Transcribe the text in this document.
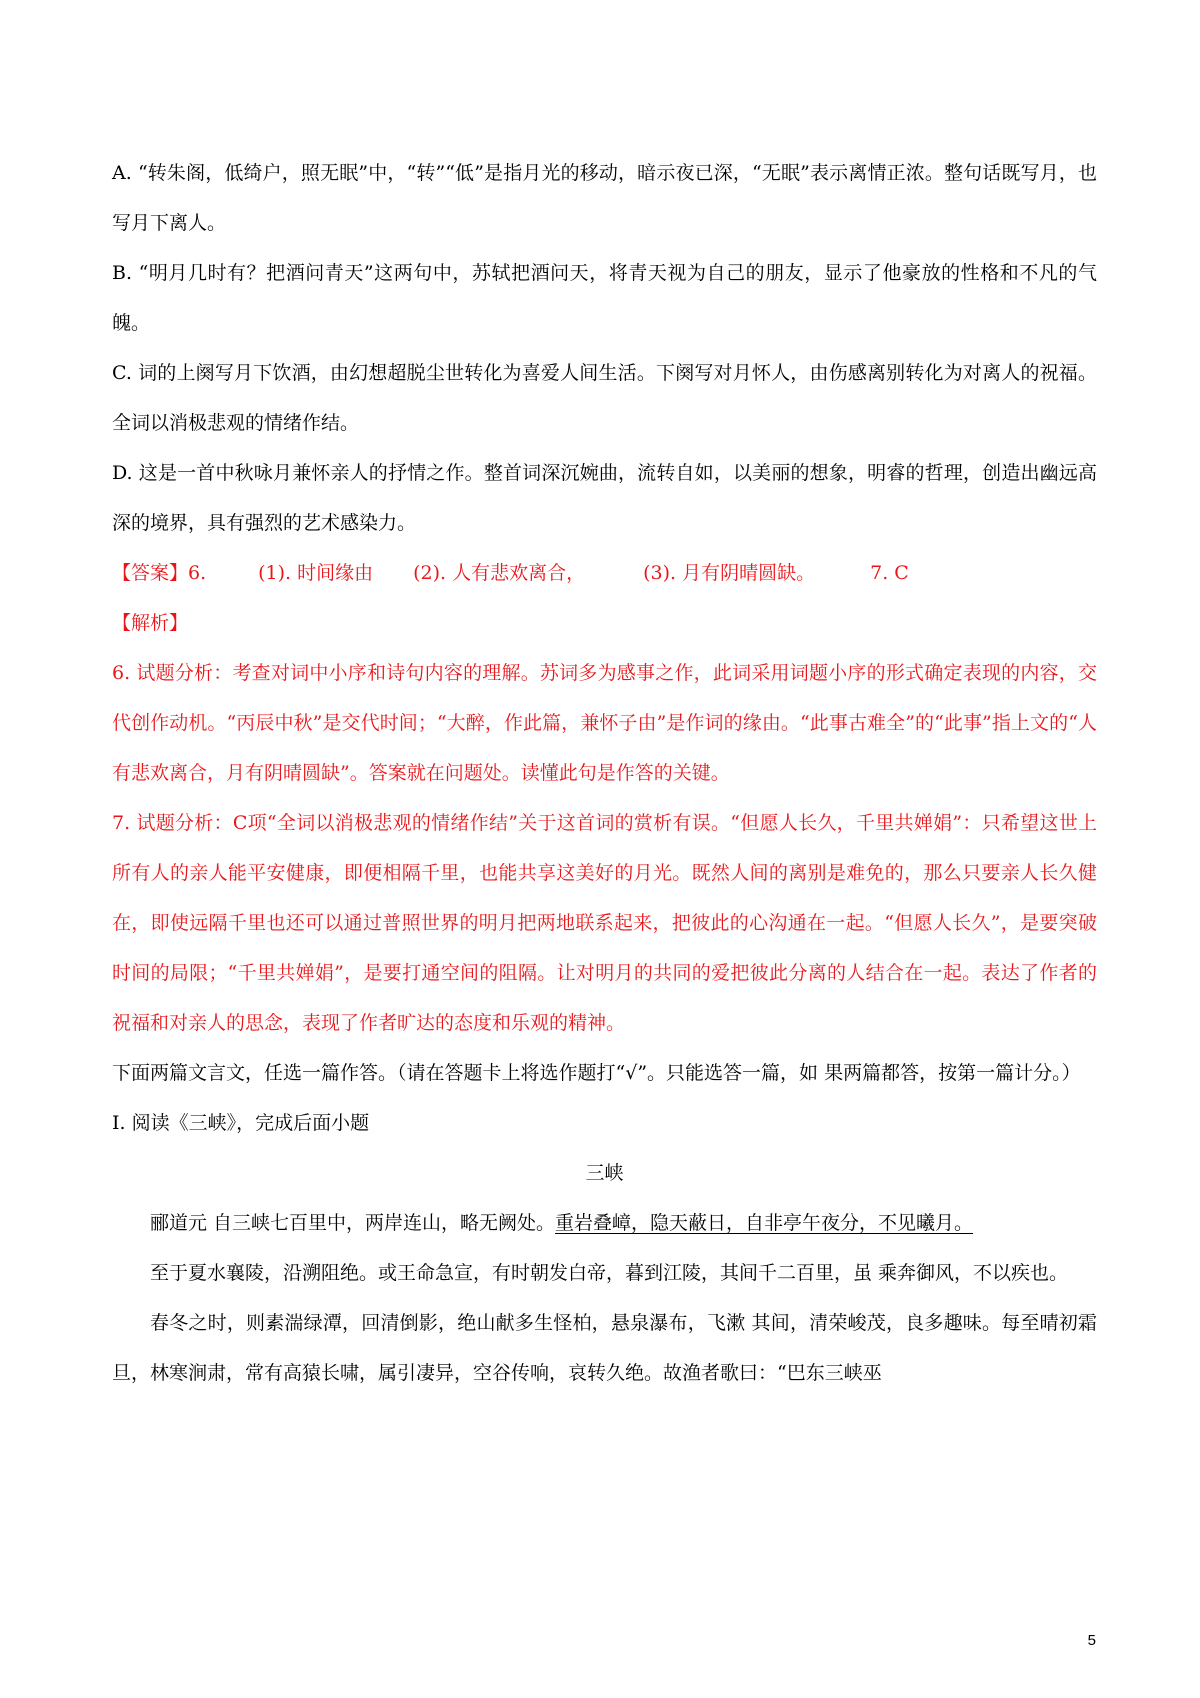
A. “转朱阁，低绮户，照无眠”中，“转”“低”是指月光的移动，暗示夜已深，“无眠”表示离情正浓。整句话既写月，也写月下离人。

B. “明月几时有？把酒问青天”这两句中，苏轼把酒问天，将青天视为自己的朋友，显示了他豪放的性格和不凡的气魄。

C. 词的上阕写月下饮酒，由幻想超脱尘世转化为喜爱人间生活。下阕写对月怀人，由伤感离别转化为对离人的祝福。全词以消极悲观的情绪作结。

D. 这是一首中秋咏月兼怀亲人的抒情之作。整首词深沉婉曲，流转自如，以美丽的想象，明睿的哲理，创造出幽远高深的境界，具有强烈的艺术感染力。

【答案】6.	(1). 时间缘由 (2). 人有悲欢离合，	(3). 月有阴晴圆缺。	7. C

【解析】

6. 试题分析：考查对词中小序和诗句内容的理解。苏词多为感事之作，此词采用词题小序的形式确定表现的内容，交代创作动机。“丙辰中秋”是交代时间；“大醉，作此篇，兼怀子由”是作词的缘由。“此事古难全”的“此事”指上文的“人有悲欢离合，月有阴晴圆缺”。答案就在问题处。读懂此句是作答的关键。

7. 试题分析：C项“全词以消极悲观的情绪作结”关于这首词的赏析有误。“但愿人长久，千里共婵娟”：只希望这世上所有人的亲人能平安健康，即便相隔千里，也能共享这美好的月光。既然人间的离别是难免的，那么只要亲人长久健在，即使远隔千里也还可以通过普照世界的明月把两地联系起来，把彼此的心沟通在一起。“但愿人长久”，是要突破时间的局限；“千里共婵娟”，是要打通空间的阻隔。让对明月的共同的爱把彼此分离的人结合在一起。表达了作者的祝福和对亲人的思念，表现了作者旷达的态度和乐观的精神。

下面两篇文言文，任选一篇作答。（请在答题卡上将选作题打“√”。只能选答一篇，如 果两篇都答，按第一篇计分。）

Ⅰ. 阅读《三峡》，完成后面小题

三峡

郦道元 自三峡七百里中，两岸连山，略无阙处。重岩叠嶂，隐天蔽日，自非亭午夜分，不见曦月。

至于夏水襄陵，沿溯阻绝。或王命急宣，有时朝发白帝，暮到江陵，其间千二百里，虽 乘奔御风，不以疾也。

春冬之时，则素湍绿潭，回清倒影，绝山献多生怪柏，悬泉瀑布，飞漱 其间，清荣峻茂，良多趣味。每至晴初霜旦，林寒涧肃，常有高猿长啸，属引凄异，空谷传响，哀转久绝。故渔者歌曰：“巴东三峡巫

5
